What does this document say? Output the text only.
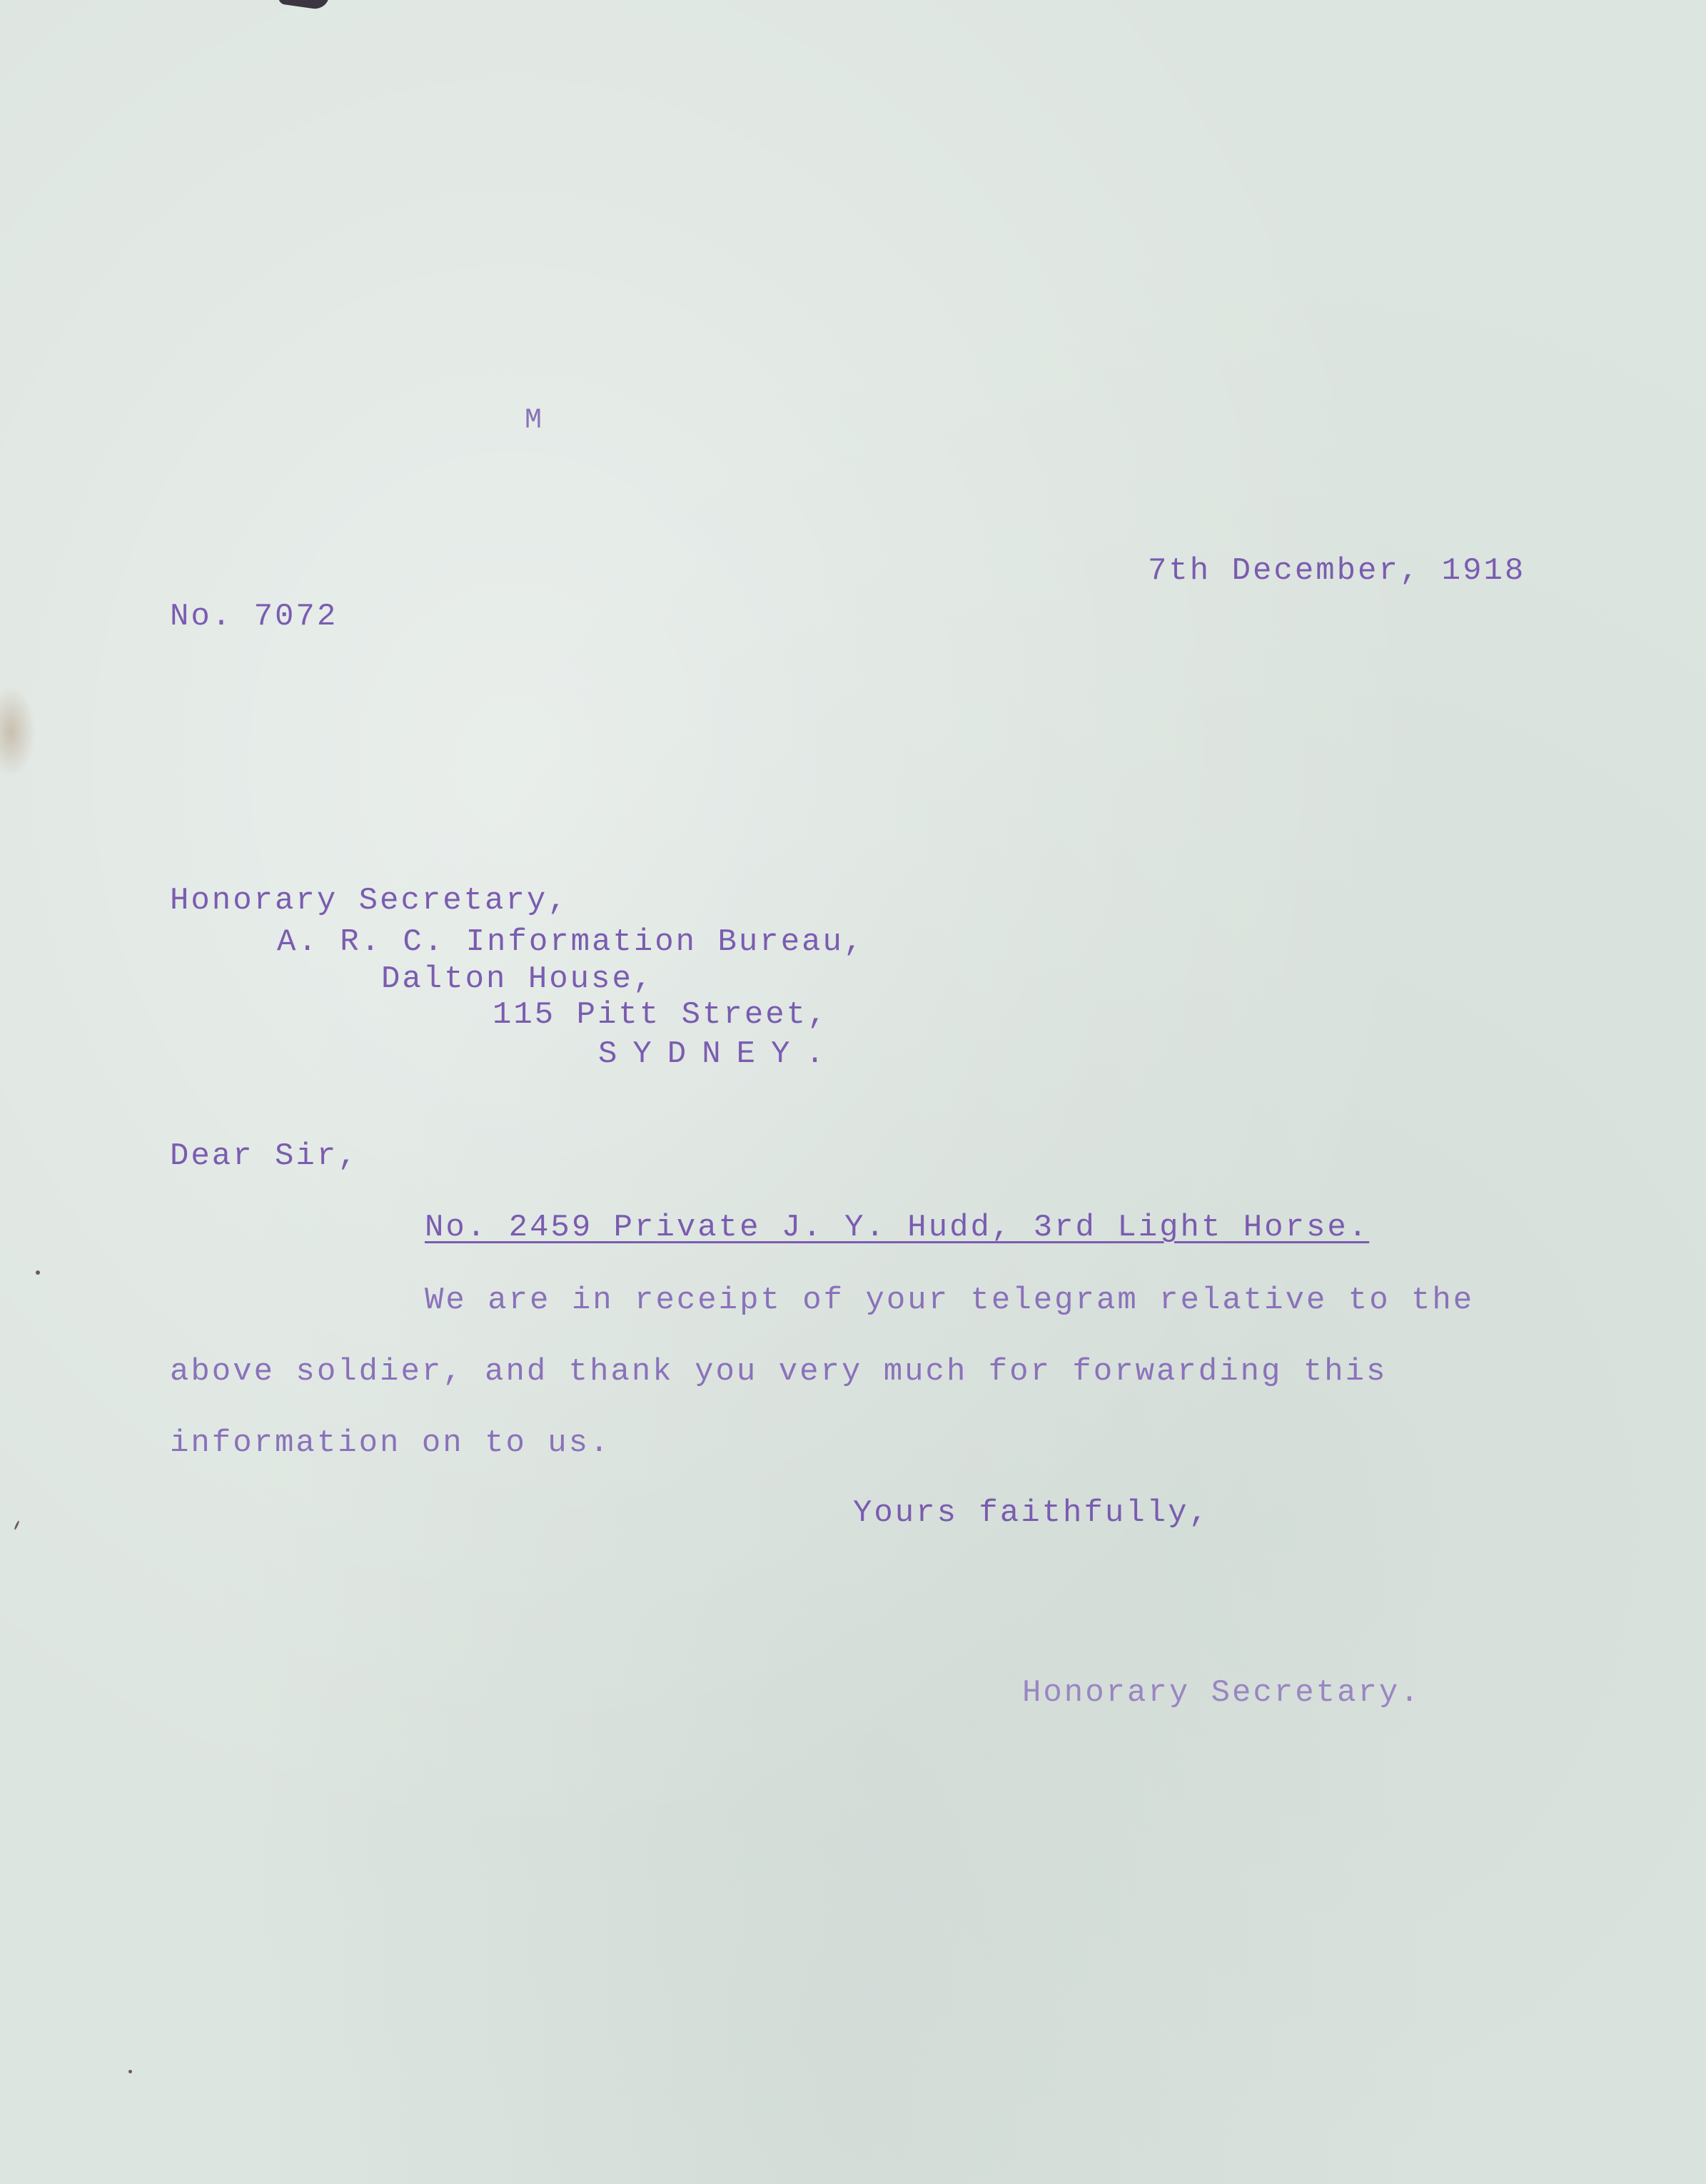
M
7th December, 1918
No. 7072
Honorary Secretary,
A. R. C. Information Bureau,
Dalton House,
115 Pitt Street,
SYDNEY.
Dear Sir,
No. 2459 Private J. Y. Hudd, 3rd Light Horse.
We are in receipt of your telegram relative to the
above soldier, and thank you very much for forwarding this
information on to us.
Yours faithfully,
Honorary Secretary.
